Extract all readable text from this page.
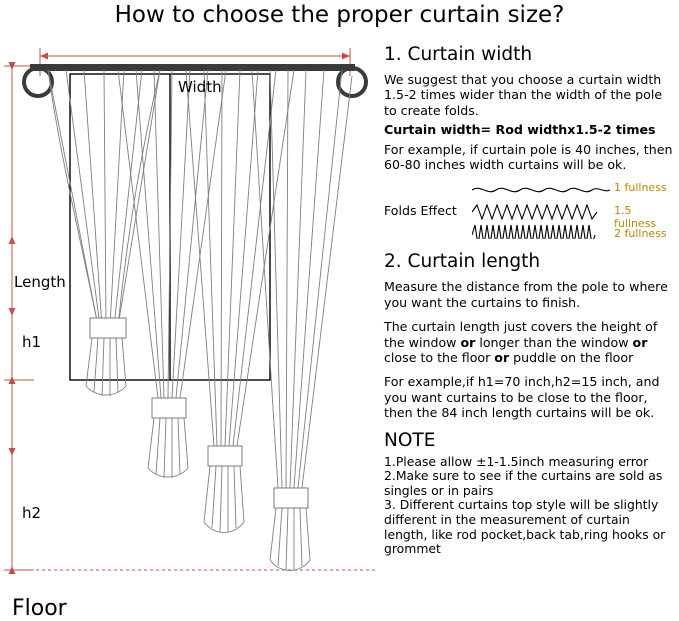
How to choose the proper curtain size?
Width
Length
h1
h2
Floor
1. Curtain width
We suggest that you choose a curtain width 1.5-2 times wider than the width of the pole to create folds.
Curtain width= Rod widthx1.5-2 times
For example, if curtain pole is 40 inches, then 60-80 inches width curtains will be ok.
Folds Effect
1 fullness
1.5 fullness
2 fullness
2. Curtain length
Measure the distance from the pole to where you want the curtains to finish.
The curtain length just covers the height of the window or longer than the window or
close to the floor or puddle on the floor
For example,if h1=70 inch,h2=15 inch, and you want curtains to be close to the floor, then the 84 inch length curtains will be ok.
NOTE
1.Please allow ±1-1.5inch measuring error
2.Make sure to see if the curtains are sold as singles or in pairs
3. Different curtains top style will be slightly different in the measurement of curtain length, like rod pocket,back tab,ring hooks or grommet
